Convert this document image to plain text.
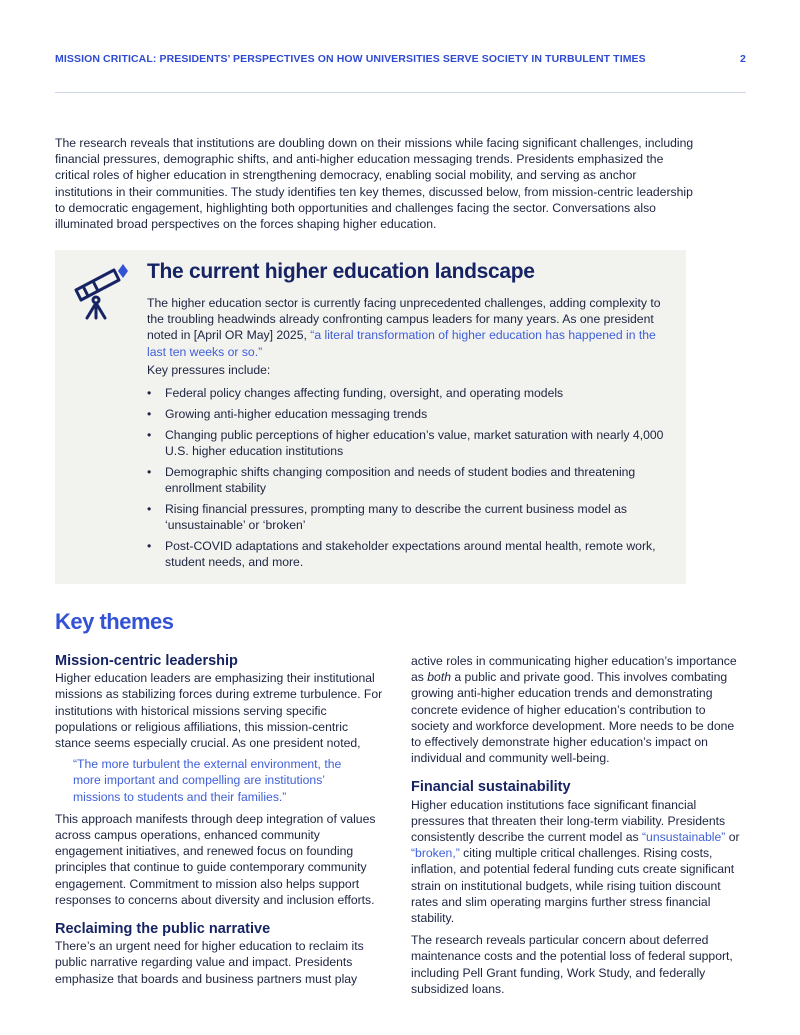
MISSION CRITICAL: PRESIDENTS’ PERSPECTIVES ON HOW UNIVERSITIES SERVE SOCIETY IN TURBULENT TIMES	2

The research reveals that institutions are doubling down on their missions while facing significant challenges, including financial pressures, demographic shifts, and anti-higher education messaging trends. Presidents emphasized the critical roles of higher education in strengthening democracy, enabling social mobility, and serving as anchor institutions in their communities. The study identifies ten key themes, discussed below, from mission-centric leadership to democratic engagement, highlighting both opportunities and challenges facing the sector. Conversations also illuminated broad perspectives on the forces shaping higher education.

The current higher education landscape

The higher education sector is currently facing unprecedented challenges, adding complexity to the troubling headwinds already confronting campus leaders for many years. As one president noted in [April OR May] 2025, “a literal transformation of higher education has happened in the last ten weeks or so.”

Key pressures include:

• Federal policy changes affecting funding, oversight, and operating models
• Growing anti-higher education messaging trends
• Changing public perceptions of higher education’s value, market saturation with nearly 4,000 U.S. higher education institutions
• Demographic shifts changing composition and needs of student bodies and threatening enrollment stability
• Rising financial pressures, prompting many to describe the current business model as ‘unsustainable’ or ‘broken’
• Post-COVID adaptations and stakeholder expectations around mental health, remote work, student needs, and more.
Key themes
Mission-centric leadership

Higher education leaders are emphasizing their institutional missions as stabilizing forces during extreme turbulence. For institutions with historical missions serving specific populations or religious affiliations, this mission-centric stance seems especially crucial. As one president noted,

“The more turbulent the external environment, the more important and compelling are institutions’ missions to students and their families.”

This approach manifests through deep integration of values across campus operations, enhanced community engagement initiatives, and renewed focus on founding principles that continue to guide contemporary community engagement. Commitment to mission also helps support responses to concerns about diversity and inclusion efforts.

Reclaiming the public narrative

There’s an urgent need for higher education to reclaim its public narrative regarding value and impact. Presidents emphasize that boards and business partners must play

active roles in communicating higher education’s importance as both a public and private good. This involves combating growing anti-higher education trends and demonstrating concrete evidence of higher education’s contribution to society and workforce development. More needs to be done to effectively demonstrate higher education’s impact on individual and community well-being.

Financial sustainability

Higher education institutions face significant financial pressures that threaten their long-term viability. Presidents consistently describe the current model as “unsustainable” or “broken,” citing multiple critical challenges. Rising costs, inflation, and potential federal funding cuts create significant strain on institutional budgets, while rising tuition discount rates and slim operating margins further stress financial stability.

The research reveals particular concern about deferred maintenance costs and the potential loss of federal support, including Pell Grant funding, Work Study, and federally subsidized loans.
